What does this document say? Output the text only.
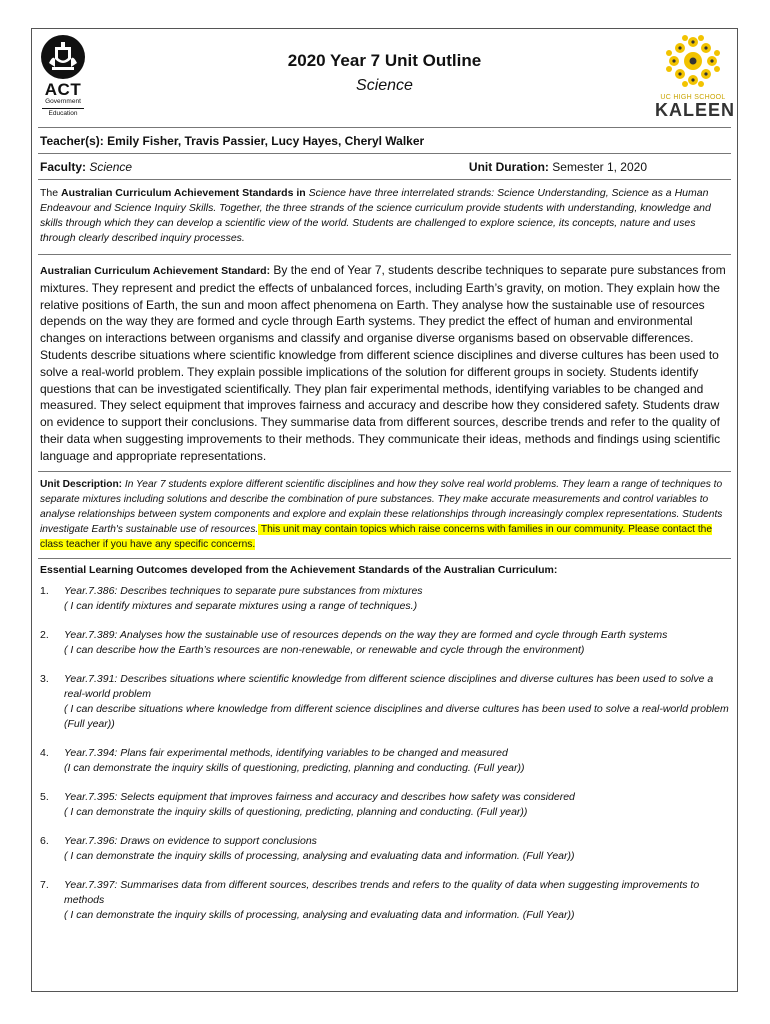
ACT
Government
Education
2020 Year 7 Unit Outline
Science
UC HIGH SCHOOL
KALEEN
Teacher(s): Emily Fisher, Travis Passier, Lucy Hayes, Cheryl Walker
Faculty: Science	Unit Duration: Semester 1, 2020
The Australian Curriculum Achievement Standards in Science have three interrelated strands: Science Understanding, Science as a Human Endeavour and Science Inquiry Skills. Together, the three strands of the science curriculum provide students with understanding, knowledge and skills through which they can develop a scientific view of the world. Students are challenged to explore science, its concepts, nature and uses through clearly described inquiry processes.
Australian Curriculum Achievement Standard: By the end of Year 7, students describe techniques to separate pure substances from mixtures. They represent and predict the effects of unbalanced forces, including Earth’s gravity, on motion. They explain how the relative positions of Earth, the sun and moon affect phenomena on Earth. They analyse how the sustainable use of resources depends on the way they are formed and cycle through Earth systems. They predict the effect of human and environmental changes on interactions between organisms and classify and organise diverse organisms based on observable differences. Students describe situations where scientific knowledge from different science disciplines and diverse cultures has been used to solve a real-world problem. They explain possible implications of the solution for different groups in society. Students identify questions that can be investigated scientifically. They plan fair experimental methods, identifying variables to be changed and measured. They select equipment that improves fairness and accuracy and describe how they considered safety. Students draw on evidence to support their conclusions. They summarise data from different sources, describe trends and refer to the quality of their data when suggesting improvements to their methods. They communicate their ideas, methods and findings using scientific language and appropriate representations.
Unit Description: In Year 7 students explore different scientific disciplines and how they solve real world problems. They learn a range of techniques to separate mixtures including solutions and describe the combination of pure substances. They make accurate measurements and control variables to analyse relationships between system components and explore and explain these relationships through increasingly complex representations. Students investigate Earth's sustainable use of resources. This unit may contain topics which raise concerns with families in our community. Please contact the class teacher if you have any specific concerns.
Essential Learning Outcomes developed from the Achievement Standards of the Australian Curriculum:
1.	Year.7.386: Describes techniques to separate pure substances from mixtures
( I can identify mixtures and separate mixtures using a range of techniques.)
2.	Year.7.389: Analyses how the sustainable use of resources depends on the way they are formed and cycle through Earth systems
( I can describe how the Earth’s resources are non-renewable, or renewable and cycle through the environment)
3.	Year.7.391: Describes situations where scientific knowledge from different science disciplines and diverse cultures has been used to solve a real-world problem
( I can describe situations where knowledge from different science disciplines and diverse cultures has been used to solve a real-world problem (Full year))
4.	Year.7.394: Plans fair experimental methods, identifying variables to be changed and measured
(I can demonstrate the inquiry skills of questioning, predicting, planning and conducting. (Full year))
5.	Year.7.395: Selects equipment that improves fairness and accuracy and describes how safety was considered
( I can demonstrate the inquiry skills of questioning, predicting, planning and conducting. (Full year))
6.	Year.7.396: Draws on evidence to support conclusions
( I can demonstrate the inquiry skills of processing, analysing and evaluating data and information. (Full Year))
7.	Year.7.397: Summarises data from different sources, describes trends and refers to the quality of data when suggesting improvements to methods
( I can demonstrate the inquiry skills of processing, analysing and evaluating data and information. (Full Year))
